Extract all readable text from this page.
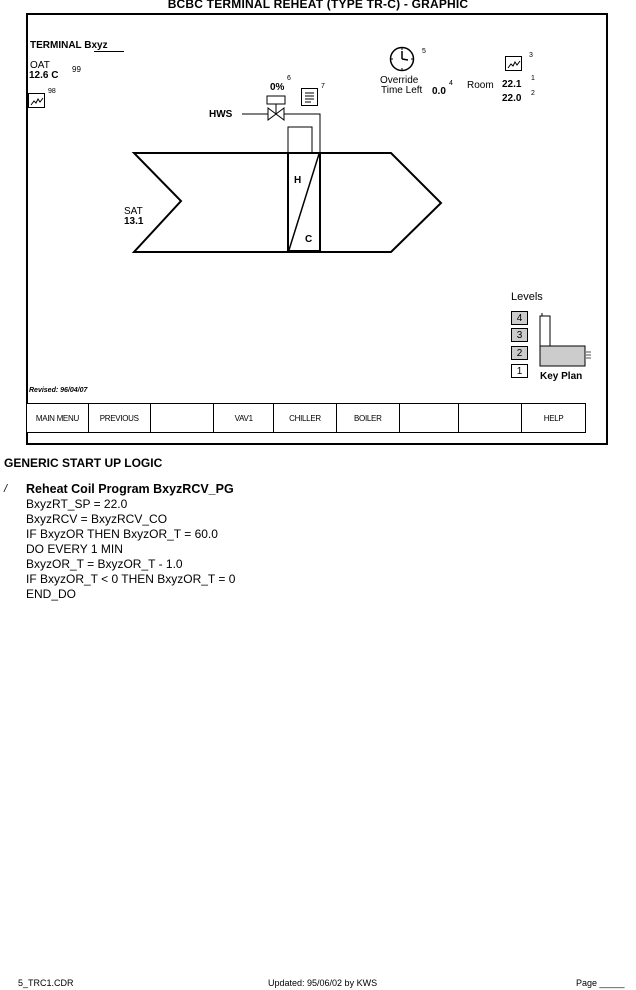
BCBC TERMINAL REHEAT (TYPE TR-C) - GRAPHIC
TERMINAL Bxyz
OAT
12.6 C
99
98	0%
6
7
HWS
5
Override
Time Left 0.0
4
3
Room 22.1
1
22.0 2
H
C
SAT
13.1
Levels
4
3
2
1	Key Plan
Revised: 96/04/07
MAIN MENU	PREVIOUS	VAV1	CHILLER	BOILER	HELP
GENERIC START UP LOGIC
/ Reheat Coil Program BxyzRCV_PG
BxyzRT_SP = 22.0
BxyzRCV = BxyzRCV_CO
IF BxyzOR THEN BxyzOR_T = 60.0
DO EVERY 1 MIN
BxyzOR_T = BxyzOR_T - 1.0
IF BxyzOR_T < 0 THEN BxyzOR_T = 0
END_DO
5_TRC1.CDR	Updated: 95/06/02 by KWS	Page _____
